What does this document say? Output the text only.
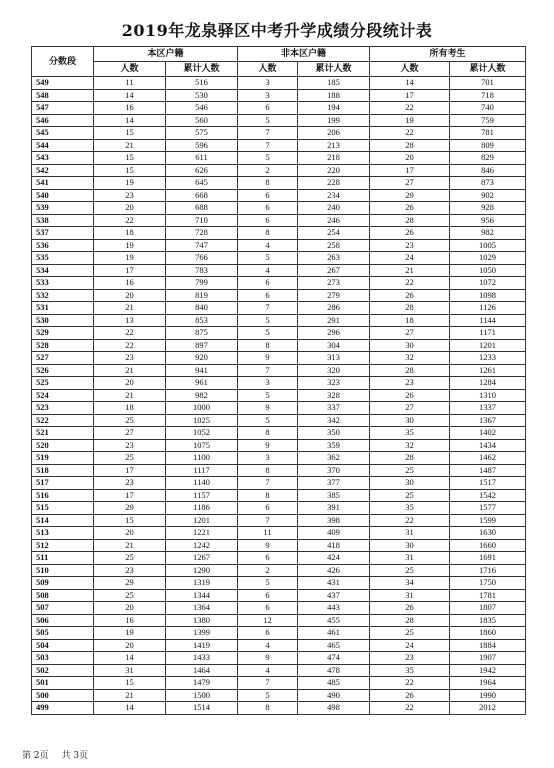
2019年龙泉驿区中考升学成绩分段统计表
分数段	本区户籍		非本区户籍		所有考生	
	人数	累计人数	人数	累计人数	人数	累计人数
549	11	516	3	185	14	701
548	14	530	3	188	17	718
547	16	546	6	194	22	740
546	14	560	5	199	19	759
545	15	575	7	206	22	781
544	21	596	7	213	28	809
543	15	611	5	218	20	829
542	15	626	2	220	17	846
541	19	645	8	228	27	873
540	23	668	6	234	29	902
539	20	688	6	240	26	928
538	22	710	6	246	28	956
537	18	728	8	254	26	982
536	19	747	4	258	23	1005
535	19	766	5	263	24	1029
534	17	783	4	267	21	1050
533	16	799	6	273	22	1072
532	20	819	6	279	26	1098
531	21	840	7	286	28	1126
530	13	853	5	291	18	1144
529	22	875	5	296	27	1171
528	22	897	8	304	30	1201
527	23	920	9	313	32	1233
526	21	941	7	320	28	1261
525	20	961	3	323	23	1284
524	21	982	5	328	26	1310
523	18	1000	9	337	27	1337
522	25	1025	5	342	30	1367
521	27	1052	8	350	35	1402
520	23	1075	9	359	32	1434
519	25	1100	3	362	28	1462
518	17	1117	8	370	25	1487
517	23	1140	7	377	30	1517
516	17	1157	8	385	25	1542
515	29	1186	6	391	35	1577
514	15	1201	7	398	22	1599
513	20	1221	11	409	31	1630
512	21	1242	9	418	30	1660
511	25	1267	6	424	31	1691
510	23	1290	2	426	25	1716
509	29	1319	5	431	34	1750
508	25	1344	6	437	31	1781
507	20	1364	6	443	26	1807
506	16	1380	12	455	28	1835
505	19	1399	6	461	25	1860
504	20	1419	4	465	24	1884
503	14	1433	9	474	23	1907
502	31	1464	4	478	35	1942
501	15	1479	7	485	22	1964
500	21	1500	5	490	26	1990
499	14	1514	8	498	22	2012
第 2页 共 3页
